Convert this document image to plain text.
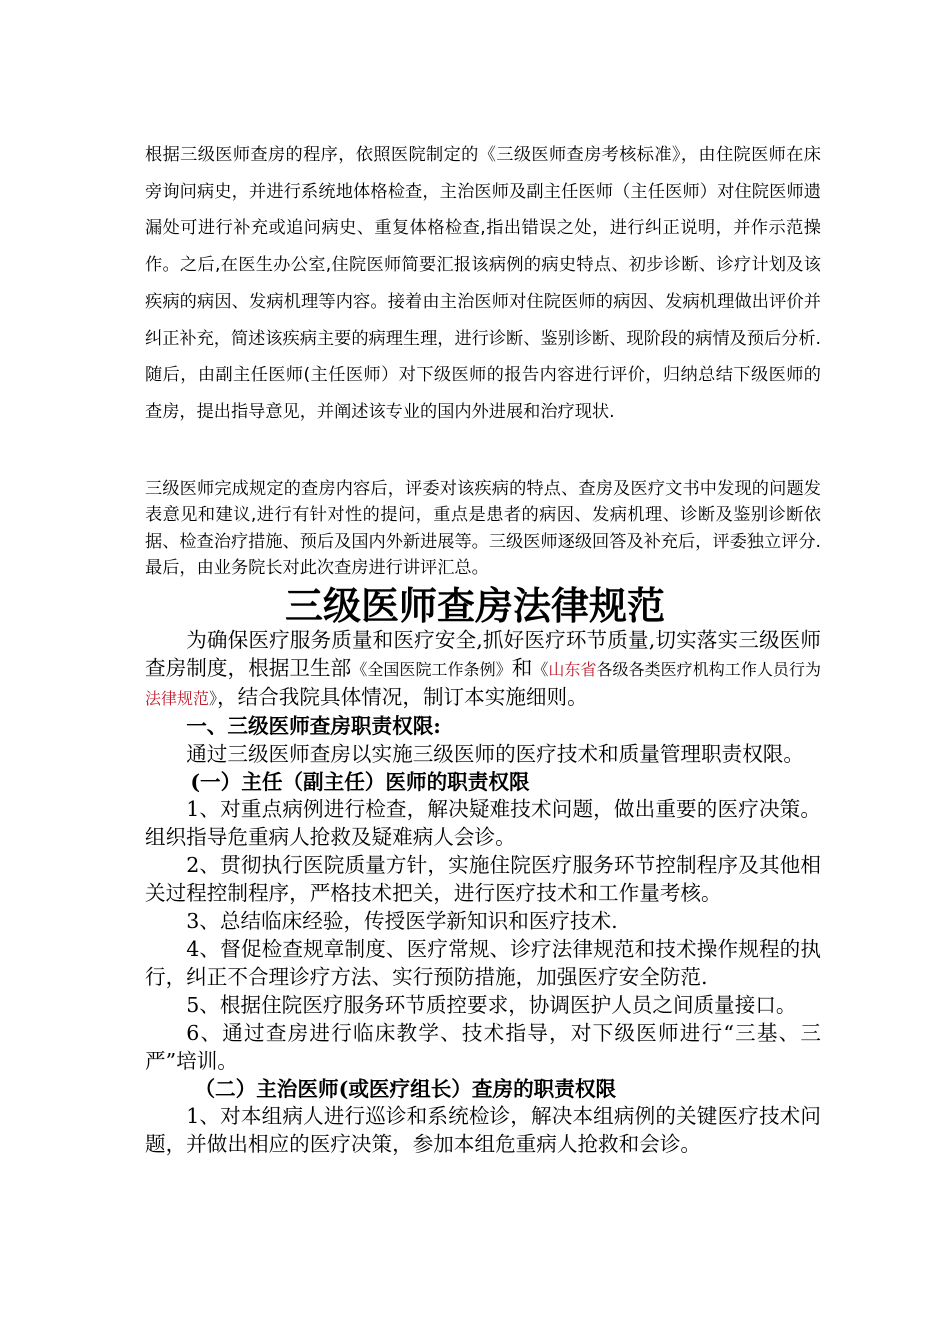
根据三级医师查房的程序，依照医院制定的《三级医师查房考核标准》，由住院医师在床旁询问病史，并进行系统地体格检查，主治医师及副主任医师（主任医师）对住院医师遗漏处可进行补充或追问病史、重复体格检查,指出错误之处，进行纠正说明，并作示范操作。之后,在医生办公室,住院医师简要汇报该病例的病史特点、初步诊断、诊疗计划及该疾病的病因、发病机理等内容。接着由主治医师对住院医师的病因、发病机理做出评价并纠正补充，简述该疾病主要的病理生理，进行诊断、鉴别诊断、现阶段的病情及预后分析.随后，由副主任医师(主任医师）对下级医师的报告内容进行评价，归纳总结下级医师的查房，提出指导意见，并阐述该专业的国内外进展和治疗现状.

三级医师完成规定的查房内容后，评委对该疾病的特点、查房及医疗文书中发现的问题发表意见和建议,进行有针对性的提问，重点是患者的病因、发病机理、诊断及鉴别诊断依据、检查治疗措施、预后及国内外新进展等。三级医师逐级回答及补充后，评委独立评分.最后，由业务院长对此次查房进行讲评汇总。

三级医师查房法律规范

为确保医疗服务质量和医疗安全,抓好医疗环节质量,切实落实三级医师查房制度，根据卫生部《全国医院工作条例》和《山东省各级各类医疗机构工作人员行为法律规范》，结合我院具体情况，制订本实施细则。

一、三级医师查房职责权限:

通过三级医师查房以实施三级医师的医疗技术和质量管理职责权限。

(一）主任（副主任）医师的职责权限

1、对重点病例进行检查，解决疑难技术问题，做出重要的医疗决策。组织指导危重病人抢救及疑难病人会诊。

2、贯彻执行医院质量方针，实施住院医疗服务环节控制程序及其他相关过程控制程序，严格技术把关，进行医疗技术和工作量考核。

3、总结临床经验，传授医学新知识和医疗技术.

4、督促检查规章制度、医疗常规、诊疗法律规范和技术操作规程的执行，纠正不合理诊疗方法、实行预防措施，加强医疗安全防范.

5、根据住院医疗服务环节质控要求，协调医护人员之间质量接口。

6、通过查房进行临床教学、技术指导，对下级医师进行“三基、三严”培训。

（二）主治医师(或医疗组长）查房的职责权限

1、对本组病人进行巡诊和系统检诊，解决本组病例的关键医疗技术问题，并做出相应的医疗决策，参加本组危重病人抢救和会诊。
